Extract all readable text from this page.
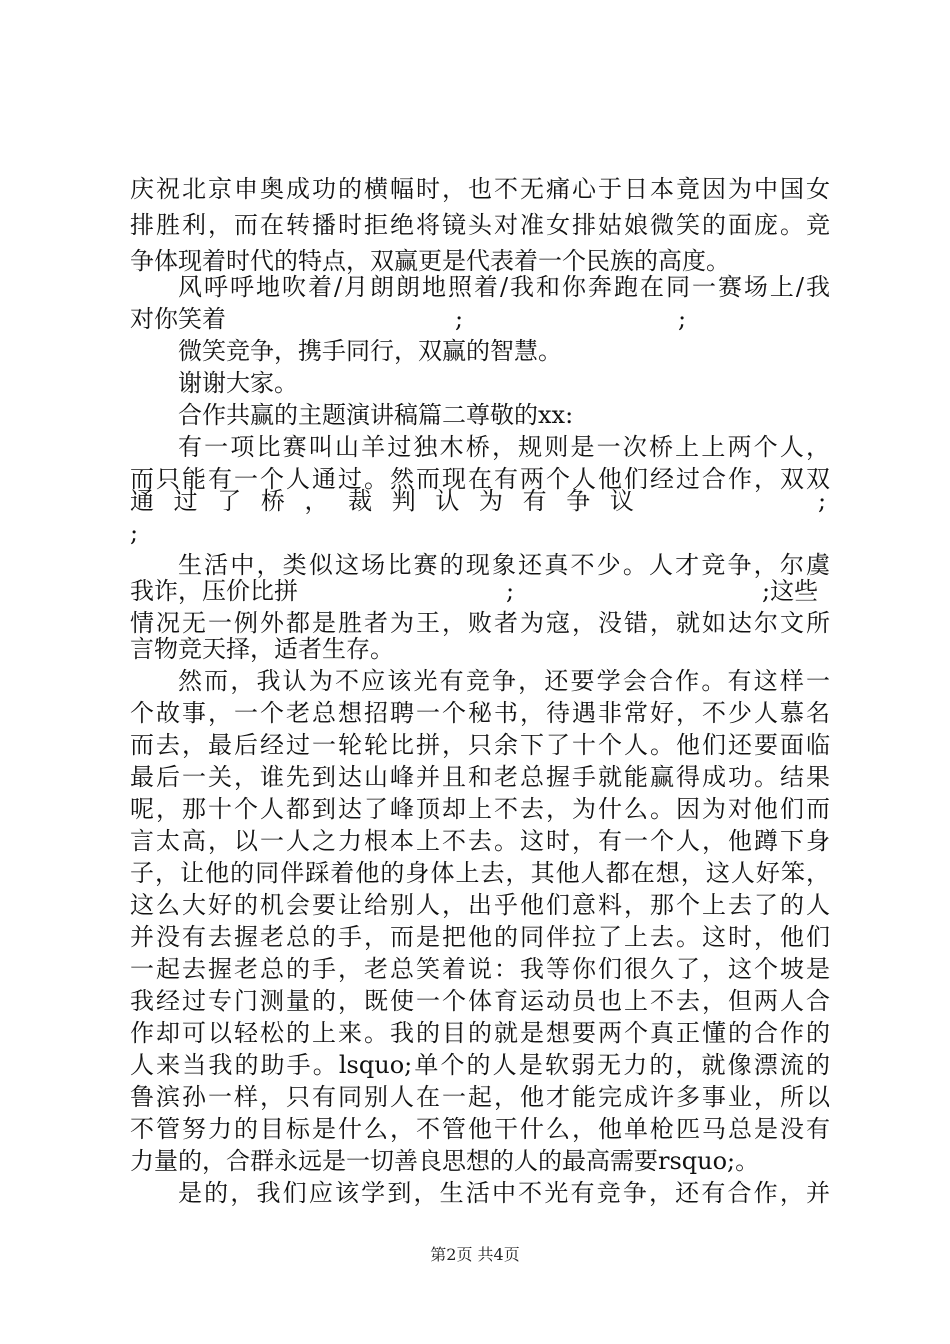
庆祝北京申奥成功的横幅时，也不无痛心于日本竟因为中国女
排胜利，而在转播时拒绝将镜头对准女排姑娘微笑的面庞。竞
争体现着时代的特点，双赢更是代表着一个民族的高度。
风呼呼地吹着/月朗朗地照着/我和你奔跑在同一赛场上/我
对你笑着	;	;
微笑竞争，携手同行，双赢的智慧。
谢谢大家。
合作共赢的主题演讲稿篇二尊敬的xx:
有一项比赛叫山羊过独木桥，规则是一次桥上上两个人，
而只能有一个人通过。然而现在有两个人他们经过合作，双双
通 过 了 桥 ， 裁 判 认 为 有 争 议	;
;
生活中，类似这场比赛的现象还真不少。人才竞争，尔虞
我诈，压价比拼	;	;这些
情况无一例外都是胜者为王，败者为寇，没错，就如达尔文所
言物竞天择，适者生存。
然而，我认为不应该光有竞争，还要学会合作。有这样一
个故事，一个老总想招聘一个秘书，待遇非常好，不少人慕名
而去，最后经过一轮轮比拼，只余下了十个人。他们还要面临
最后一关，谁先到达山峰并且和老总握手就能赢得成功。结果
呢，那十个人都到达了峰顶却上不去，为什么。因为对他们而
言太高，以一人之力根本上不去。这时，有一个人，他蹲下身
子，让他的同伴踩着他的身体上去，其他人都在想，这人好笨，
这么大好的机会要让给别人，出乎他们意料，那个上去了的人
并没有去握老总的手，而是把他的同伴拉了上去。这时，他们
一起去握老总的手，老总笑着说：我等你们很久了，这个坡是
我经过专门测量的，既使一个体育运动员也上不去，但两人合
作却可以轻松的上来。我的目的就是想要两个真正懂的合作的
人来当我的助手。lsquo;单个的人是软弱无力的，就像漂流的
鲁滨孙一样，只有同别人在一起，他才能完成许多事业，所以
不管努力的目标是什么，不管他干什么，他单枪匹马总是没有
力量的，合群永远是一切善良思想的人的最高需要rsquo;。
是的，我们应该学到，生活中不光有竞争，还有合作，并
第2页 共4页
